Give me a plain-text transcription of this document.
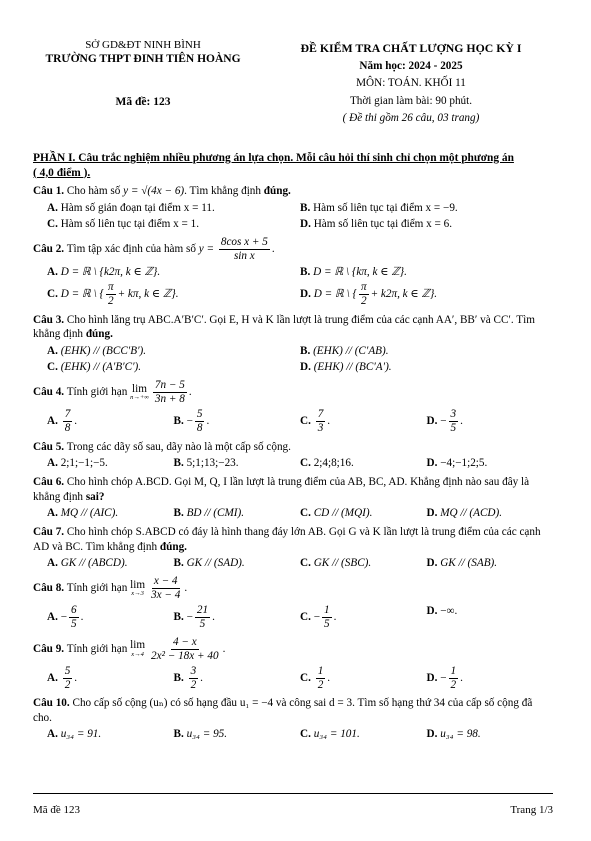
SỞ GD&ĐT NINH BÌNH
TRƯỜNG THPT ĐINH TIÊN HOÀNG
Mã đề: 123
ĐỀ KIỂM TRA CHẤT LƯỢNG HỌC KỲ I
Năm học: 2024 - 2025
MÔN: TOÁN. KHỐI 11
Thời gian làm bài: 90 phút.
( Đề thi gồm 26 câu, 03 trang)
PHẦN I. Câu trắc nghiệm nhiều phương án lựa chọn. Mỗi câu hỏi thí sinh chỉ chọn một phương án
( 4,0 điểm ).
Câu 1. Cho hàm số y = √(4x − 6). Tìm khẳng định đúng.
A. Hàm số gián đoạn tại điểm x = 11.	B. Hàm số liên tục tại điểm x = −9.
C. Hàm số liên tục tại điểm x = 1.	D. Hàm số liên tục tại điểm x = 6.
Câu 2. Tìm tập xác định của hàm số $y = \frac{\text{8cos x + 5}}{\text{sin x}}$ .
A. D = ℝ \ {k2π, k ∈ ℤ}.	B. D = ℝ \ {kπ, k ∈ ℤ}.
C. D = ℝ \ { $\frac{\pi}{2} + k\pi$, k ∈ ℤ}.	D. D = ℝ \ { $\frac{\pi}{2} + k2\pi$, k ∈ ℤ}.
Câu 3. Cho hình lăng trụ ABC.A′B′C′. Gọi E, H và K lần lượt là trung điểm của các cạnh AA′, BB′ và CC′. Tìm khẳng định đúng.
A. (EHK) // (BCC′B′).	B. (EHK) // (C′AB).
C. (EHK) // (A′B′C′).	D. (EHK) // (BC′A′).
Câu 4. Tính giới hạn lim
$n\to+\infty \frac{7n - 5}{3n + 8}$ .
A. $\frac{7}{8}$ .	B. − $\frac{5}{8}$ .	C. $\frac{7}{3}$ .	D. − $\frac{3}{5}$ .
Câu 5. Trong các dãy số sau, dãy nào là một cấp số cộng.
A. 2;1;−1;−5.	B. 5;1;13;−23.	C. 2;4;8;16.	D. −4;−1;2;5.
Câu 6. Cho hình chóp A.BCD. Gọi M, Q, I lần lượt là trung điểm của AB, BC, AD. Khẳng định nào sau đây là khẳng định sai?
A. MQ // (AIC).	B. BD // (CMI).	C. CD // (MQI).	D. MQ // (ACD).
Câu 7. Cho hình chóp S.ABCD có đáy là hình thang đáy lớn AB. Gọi G và K lần lượt là trung điểm của các cạnh AD và BC. Tìm khẳng định đúng.
A. GK // (ABCD).	B. GK // (SAD).	C. GK // (SBC).	D. GK // (SAB).
Câu 8. Tính giới hạn lim
$x\to 3 \frac{x - 4}{3x - 4}$ .
A. − $\frac{6}{5}$ .	B. − $\frac{21}{5}$ .	C. − $\frac{1}{5}$ .	D. −∞.
Câu 9. Tính giới hạn lim
$x\to 4 \frac{4 - x}{\text{2x² − 18x + 40}}$ .
A. $\frac{5}{2}$ .	B. $\frac{3}{2}$ .	C. $\frac{1}{2}$ .	D. − $\frac{1}{2}$ .
Câu 10. Cho cấp số cộng (uₙ) có số hạng đầu u₁ = −4 và công sai d = 3. Tìm số hạng thứ 34 của cấp số cộng đã cho.
A. u₃₄ = 91.	B. u₃₄ = 95.	C. u₃₄ = 101.	D. u₃₄ = 98.
Mã đề 123	Trang 1/3
